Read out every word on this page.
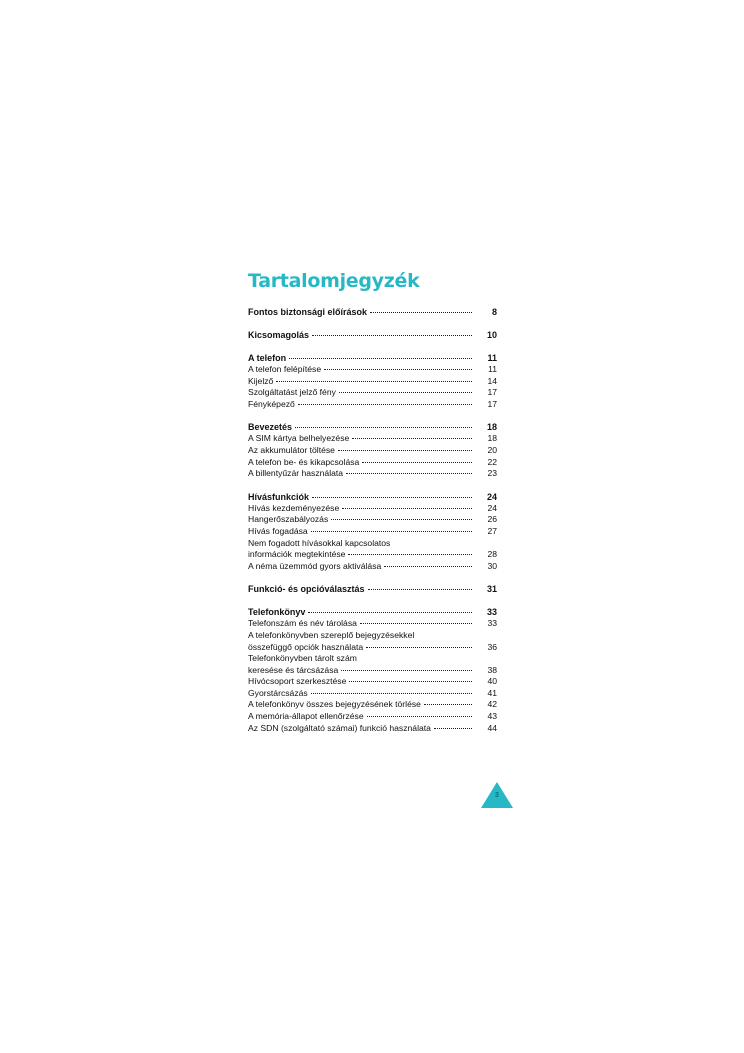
Tartalomjegyzék
Fontos biztonsági előírások	8
Kicsomagolás	10
A telefon	11
A telefon felépítése	11
Kijelző	14
Szolgáltatást jelző fény	17
Fényképező	17
Bevezetés	18
A SIM kártya belhelyezése	18
Az akkumulátor töltése	20
A telefon be- és kikapcsolása	22
A billentyűzár használata	23
Hívásfunkciók	24
Hívás kezdeményezése	24
Hangerőszabályozás	26
Hívás fogadása	27
Nem fogadott hívásokkal kapcsolatos
információk megtekintése	28
A néma üzemmód gyors aktiválása	30
Funkció- és opcióválasztás	31
Telefonkönyv	33
Telefonszám és név tárolása	33
A telefonkönyvben szereplő bejegyzésekkel
összefüggő opciók használata	36
Telefonkönyvben tárolt szám
keresése és tárcsázása	38
Hívócsoport szerkesztése	40
Gyorstárcsázás	41
A telefonkönyv összes bejegyzésének törlése	42
A memória-állapot ellenőrzése	43
Az SDN (szolgáltató számai) funkció használata	44
3
